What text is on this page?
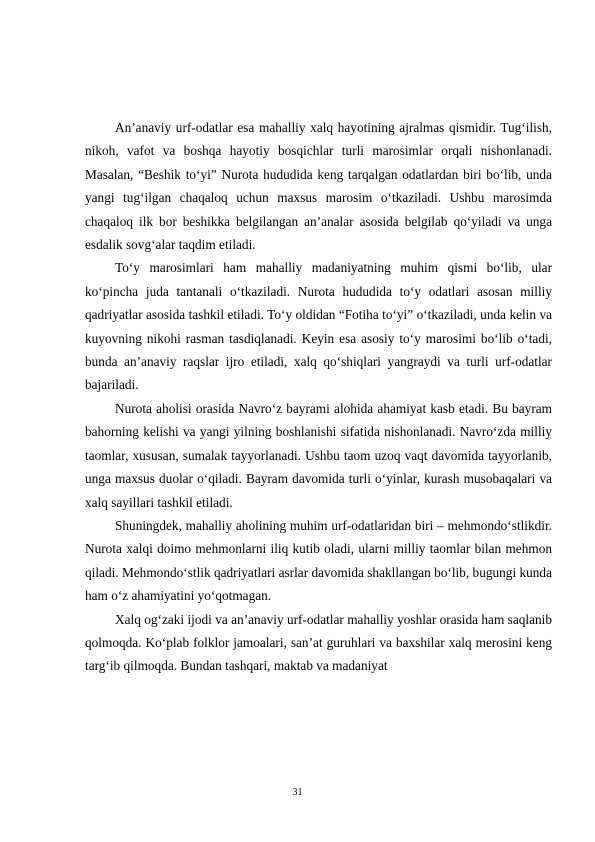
An’anaviy urf-odatlar esa mahalliy xalq hayotining ajralmas qismidir. Tug‘ilish, nikoh, vafot va boshqa hayotiy bosqichlar turli marosimlar orqali nishonlanadi. Masalan, “Beshik to‘yi” Nurota hududida keng tarqalgan odatlardan biri bo‘lib, unda yangi tug‘ilgan chaqaloq uchun maxsus marosim o‘tkaziladi. Ushbu marosimda chaqaloq ilk bor beshikka belgilangan an’analar asosida belgilab qo‘yiladi va unga esdalik sovg‘alar taqdim etiladi.

To‘y marosimlari ham mahalliy madaniyatning muhim qismi bo‘lib, ular ko‘pincha juda tantanali o‘tkaziladi. Nurota hududida to‘y odatlari asosan milliy qadriyatlar asosida tashkil etiladi. To‘y oldidan “Fotiha to‘yi” o‘tkaziladi, unda kelin va kuyovning nikohi rasman tasdiqlanadi. Keyin esa asosiy to‘y marosimi bo‘lib o‘tadi, bunda an’anaviy raqslar ijro etiladi, xalq qo‘shiqlari yangraydi va turli urf-odatlar bajariladi.

Nurota aholisi orasida Navro‘z bayrami alohida ahamiyat kasb etadi. Bu bayram bahorning kelishi va yangi yilning boshlanishi sifatida nishonlanadi. Navro‘zda milliy taomlar, xususan, sumalak tayyorlanadi. Ushbu taom uzoq vaqt davomida tayyorlanib, unga maxsus duolar o‘qiladi. Bayram davomida turli o‘yinlar, kurash musobaqalari va xalq sayillari tashkil etiladi.

Shuningdek, mahalliy aholining muhim urf-odatlaridan biri – mehmondo‘stlikdir. Nurota xalqi doimo mehmonlarni iliq kutib oladi, ularni milliy taomlar bilan mehmon qiladi. Mehmondo‘stlik qadriyatlari asrlar davomida shakllangan bo‘lib, bugungi kunda ham o‘z ahamiyatini yo‘qotmagan.

Xalq og‘zaki ijodi va an’anaviy urf-odatlar mahalliy yoshlar orasida ham saqlanib qolmoqda. Ko‘plab folklor jamoalari, san’at guruhlari va baxshilar xalq merosini keng targ‘ib qilmoqda. Bundan tashqari, maktab va madaniyat

31
